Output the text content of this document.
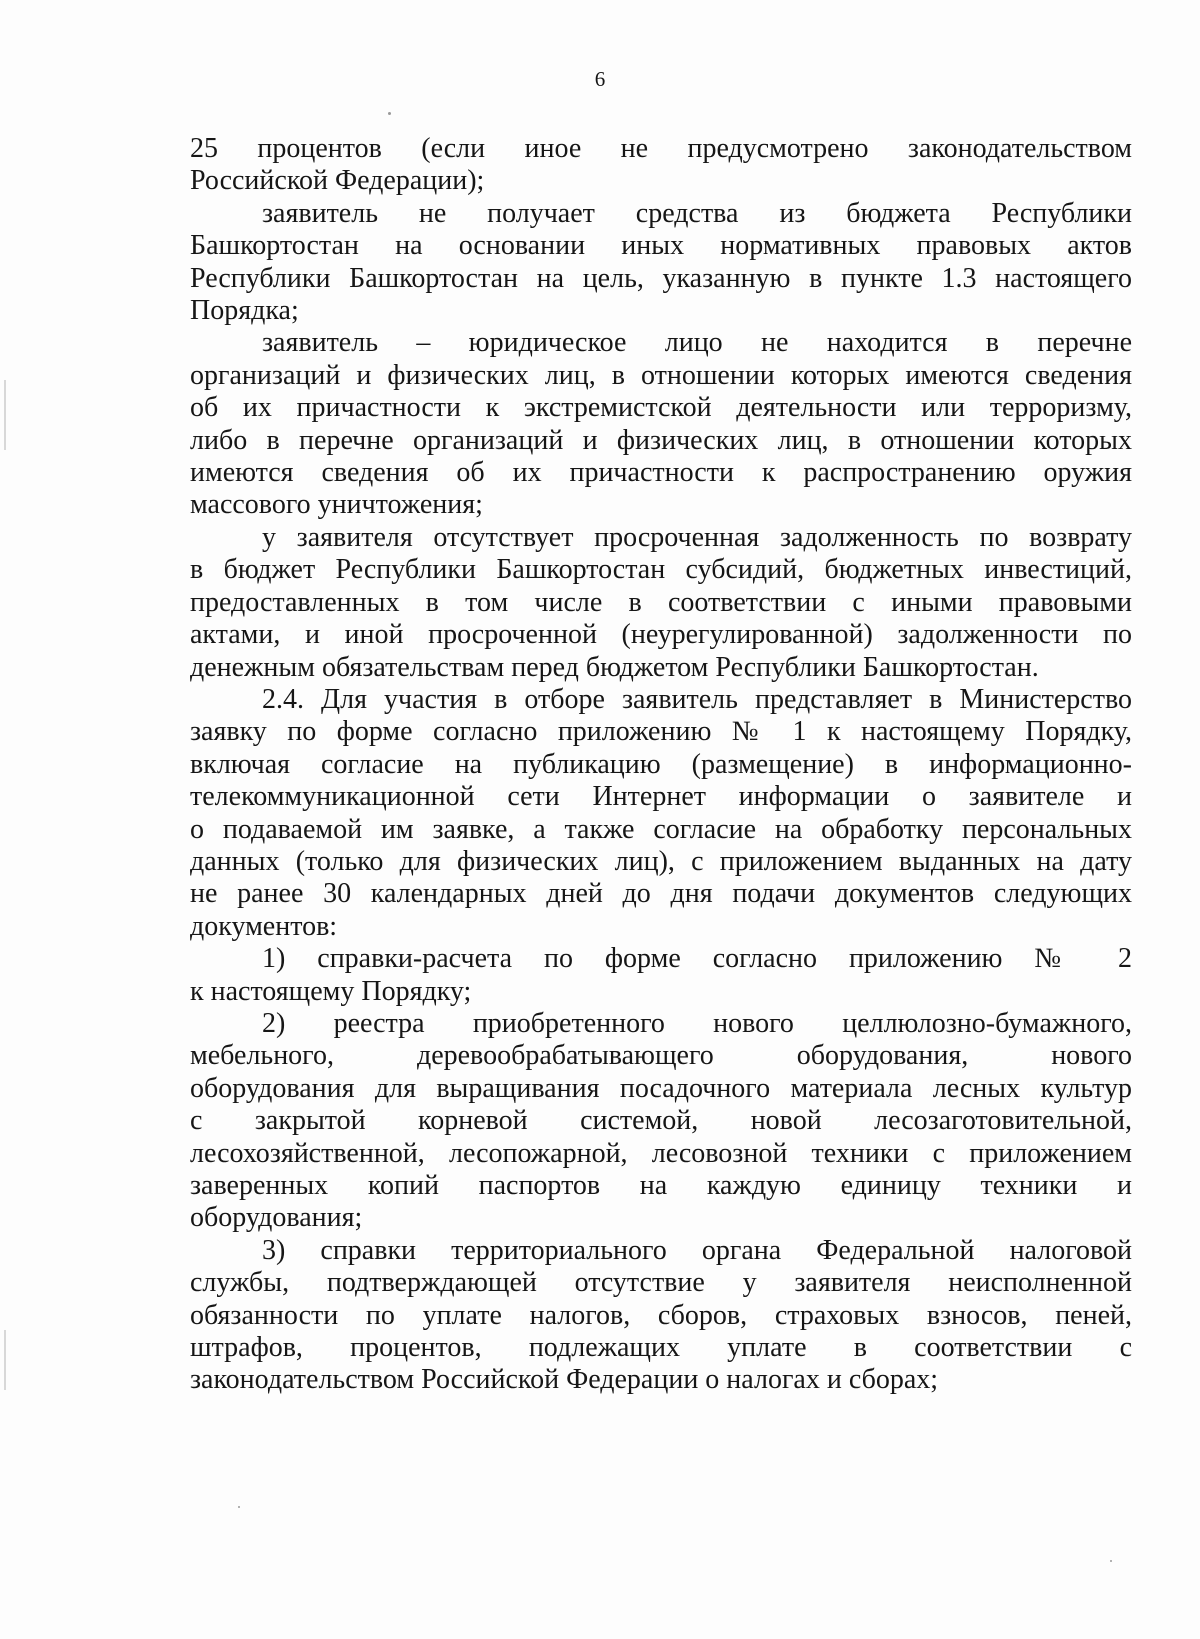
6

25 процентов (если иное не предусмотрено законодательством
Российской Федерации);

заявитель не получает средства из бюджета Республики
Башкортостан на основании иных нормативных правовых актов
Республики Башкортостан на цель, указанную в пункте 1.3 настоящего
Порядка;

заявитель – юридическое лицо не находится в перечне
организаций и физических лиц, в отношении которых имеются сведения
об их причастности к экстремистской деятельности или терроризму,
либо в перечне организаций и физических лиц, в отношении которых
имеются сведения об их причастности к распространению оружия
массового уничтожения;

у заявителя отсутствует просроченная задолженность по возврату
в бюджет Республики Башкортостан субсидий, бюджетных инвестиций,
предоставленных в том числе в соответствии с иными правовыми
актами, и иной просроченной (неурегулированной) задолженности по
денежным обязательствам перед бюджетом Республики Башкортостан.

2.4. Для участия в отборе заявитель представляет в Министерство
заявку по форме согласно приложению № 1 к настоящему Порядку,
включая согласие на публикацию (размещение) в информационно-
телекоммуникационной сети Интернет информации о заявителе и
о подаваемой им заявке, а также согласие на обработку персональных
данных (только для физических лиц), с приложением выданных на дату
не ранее 30 календарных дней до дня подачи документов следующих
документов:

1) справки-расчета по форме согласно приложению № 2
к настоящему Порядку;

2) реестра приобретенного нового целлюлозно-бумажного,
мебельного, деревообрабатывающего оборудования, нового
оборудования для выращивания посадочного материала лесных культур
с закрытой корневой системой, новой лесозаготовительной,
лесохозяйственной, лесопожарной, лесовозной техники с приложением
заверенных копий паспортов на каждую единицу техники и
оборудования;

3) справки территориального органа Федеральной налоговой
службы, подтверждающей отсутствие у заявителя неисполненной
обязанности по уплате налогов, сборов, страховых взносов, пеней,
штрафов, процентов, подлежащих уплате в соответствии с
законодательством Российской Федерации о налогах и сборах;
